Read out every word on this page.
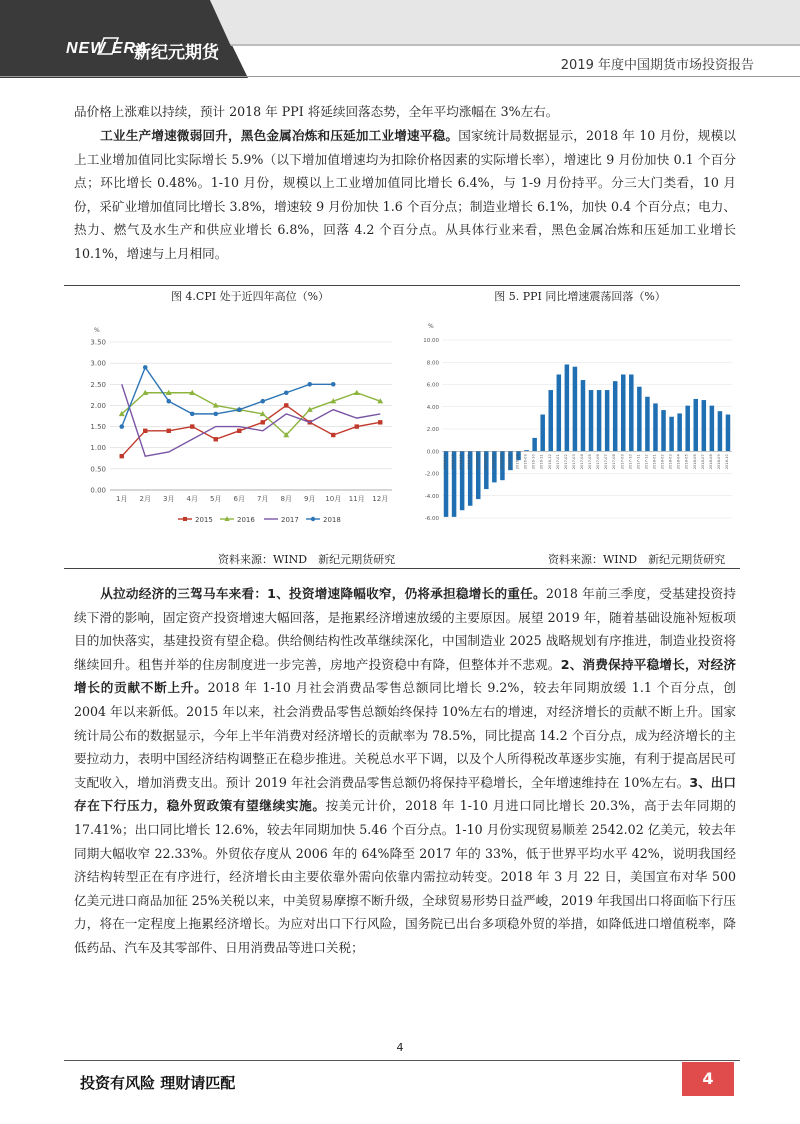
NEW ERA
新纪元期货
2019 年度中国期货市场投资报告
品价格上涨难以持续，预计 2018 年 PPI 将延续回落态势，全年平均涨幅在 3%左右。
工业生产增速微弱回升，黑色金属冶炼和压延加工业增速平稳。国家统计局数据显示，2018 年 10 月份，规模以上工业增加值同比实际增长 5.9%（以下增加值增速均为扣除价格因素的实际增长率），增速比 9 月份加快 0.1 个百分点；环比增长 0.48%。1-10 月份，规模以上工业增加值同比增长 6.4%，与 1-9 月份持平。分三大门类看，10 月份，采矿业增加值同比增长 3.8%，增速较 9 月份加快 1.6 个百分点；制造业增长 6.1%，加快 0.4 个百分点；电力、热力、燃气及水生产和供应业增长 6.8%，回落 4.2 个百分点。从具体行业来看，黑色金属冶炼和压延加工业增长 10.1%，增速与上月相同。
图 4.CPI 处于近四年高位（%）	图 5. PPI 同比增速震荡回落（%）
%
0.00
0.50
1.00
1.50
2.00
2.50
3.00
3.50
1月 2月 3月 4月 5月 6月 7月 8月 9月 10月 11月 12月
2015	2016	2017	2018
%
-6.00
-4.00
-2.00
0.00
2.00
4.00
6.00
8.00
10.00
2015-11 2015-12 2016-01 2016-02 2016-03 2016-04 2016-05 2016-06 2016-07 2016-08 2016-09 2016-10 2016-11 2016-12 2017-01 2017-02 2017-03 2017-04 2017-05 2017-06 2017-07 2017-08 2017-09 2017-10 2017-11 2017-12 2018-01 2018-02 2018-03 2018-04 2018-05 2018-06 2018-07 2018-08 2018-09 2018-10
资料来源：WIND　新纪元期货研究	资料来源：WIND　新纪元期货研究
从拉动经济的三驾马车来看：1、投资增速降幅收窄，仍将承担稳增长的重任。2018 年前三季度，受基建投资持续下滑的影响，固定资产投资增速大幅回落，是拖累经济增速放缓的主要原因。展望 2019 年，随着基础设施补短板项目的加快落实，基建投资有望企稳。供给侧结构性改革继续深化，中国制造业 2025 战略规划有序推进，制造业投资将继续回升。租售并举的住房制度进一步完善，房地产投资稳中有降，但整体并不悲观。2、消费保持平稳增长，对经济增长的贡献不断上升。2018 年 1-10 月社会消费品零售总额同比增长 9.2%，较去年同期放缓 1.1 个百分点，创 2004 年以来新低。2015 年以来，社会消费品零售总额始终保持 10%左右的增速，对经济增长的贡献不断上升。国家统计局公布的数据显示，今年上半年消费对经济增长的贡献率为 78.5%，同比提高 14.2 个百分点，成为经济增长的主要拉动力，表明中国经济结构调整正在稳步推进。关税总水平下调，以及个人所得税改革逐步实施，有利于提高居民可支配收入，增加消费支出。预计 2019 年社会消费品零售总额仍将保持平稳增长，全年增速维持在 10%左右。3、出口存在下行压力，稳外贸政策有望继续实施。按美元计价，2018 年 1-10 月进口同比增长 20.3%，高于去年同期的 17.41%；出口同比增长 12.6%，较去年同期加快 5.46 个百分点。1-10 月份实现贸易顺差 2542.02 亿美元，较去年同期大幅收窄 22.33%。外贸依存度从 2006 年的 64%降至 2017 年的 33%，低于世界平均水平 42%，说明我国经济结构转型正在有序进行，经济增长由主要依靠外需向依靠内需拉动转变。2018 年 3 月 22 日，美国宣布对华 500 亿美元进口商品加征 25%关税以来，中美贸易摩擦不断升级，全球贸易形势日益严峻，2019 年我国出口将面临下行压力，将在一定程度上拖累经济增长。为应对出口下行风险，国务院已出台多项稳外贸的举措，如降低进口增值税率，降低药品、汽车及其零部件、日用消费品等进口关税；
4
投资有风险 理财请匹配	4
